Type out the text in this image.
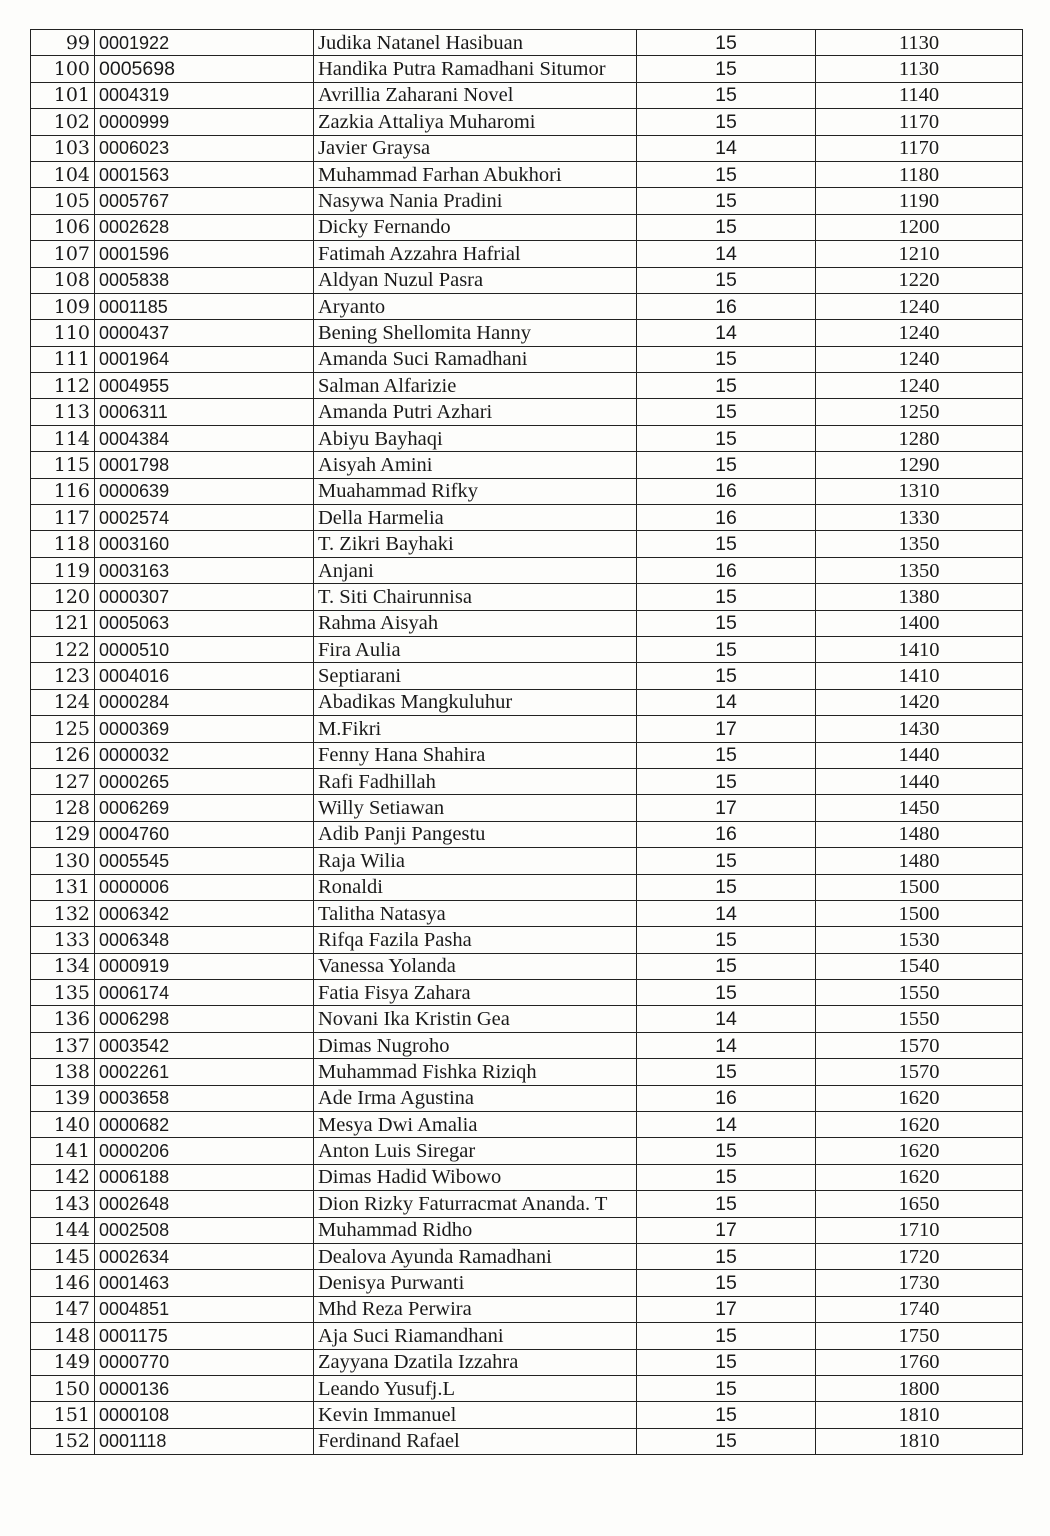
99	0001922	Judika Natanel Hasibuan	15	1130
100	0005698	Handika Putra Ramadhani Situmor	15	1130
101	0004319	Avrillia Zaharani Novel	15	1140
102	0000999	Zazkia Attaliya Muharomi	15	1170
103	0006023	Javier Graysa	14	1170
104	0001563	Muhammad Farhan Abukhori	15	1180
105	0005767	Nasywa Nania Pradini	15	1190
106	0002628	Dicky Fernando	15	1200
107	0001596	Fatimah Azzahra Hafrial	14	1210
108	0005838	Aldyan Nuzul Pasra	15	1220
109	0001185	Aryanto	16	1240
110	0000437	Bening Shellomita Hanny	14	1240
111	0001964	Amanda Suci Ramadhani	15	1240
112	0004955	Salman Alfarizie	15	1240
113	0006311	Amanda Putri Azhari	15	1250
114	0004384	Abiyu Bayhaqi	15	1280
115	0001798	Aisyah Amini	15	1290
116	0000639	Muahammad Rifky	16	1310
117	0002574	Della Harmelia	16	1330
118	0003160	T. Zikri Bayhaki	15	1350
119	0003163	Anjani	16	1350
120	0000307	T. Siti Chairunnisa	15	1380
121	0005063	Rahma Aisyah	15	1400
122	0000510	Fira Aulia	15	1410
123	0004016	Septiarani	15	1410
124	0000284	Abadikas Mangkuluhur	14	1420
125	0000369	M.Fikri	17	1430
126	0000032	Fenny Hana Shahira	15	1440
127	0000265	Rafi Fadhillah	15	1440
128	0006269	Willy Setiawan	17	1450
129	0004760	Adib Panji Pangestu	16	1480
130	0005545	Raja Wilia	15	1480
131	0000006	Ronaldi	15	1500
132	0006342	Talitha Natasya	14	1500
133	0006348	Rifqa Fazila Pasha	15	1530
134	0000919	Vanessa Yolanda	15	1540
135	0006174	Fatia Fisya Zahara	15	1550
136	0006298	Novani Ika Kristin Gea	14	1550
137	0003542	Dimas Nugroho	14	1570
138	0002261	Muhammad Fishka Riziqh	15	1570
139	0003658	Ade Irma Agustina	16	1620
140	0000682	Mesya Dwi Amalia	14	1620
141	0000206	Anton Luis Siregar	15	1620
142	0006188	Dimas Hadid Wibowo	15	1620
143	0002648	Dion Rizky Faturracmat Ananda. T	15	1650
144	0002508	Muhammad Ridho	17	1710
145	0002634	Dealova Ayunda Ramadhani	15	1720
146	0001463	Denisya Purwanti	15	1730
147	0004851	Mhd Reza Perwira	17	1740
148	0001175	Aja Suci Riamandhani	15	1750
149	0000770	Zayyana Dzatila Izzahra	15	1760
150	0000136	Leando Yusufj.L	15	1800
151	0000108	Kevin Immanuel	15	1810
152	0001118	Ferdinand Rafael	15	1810
